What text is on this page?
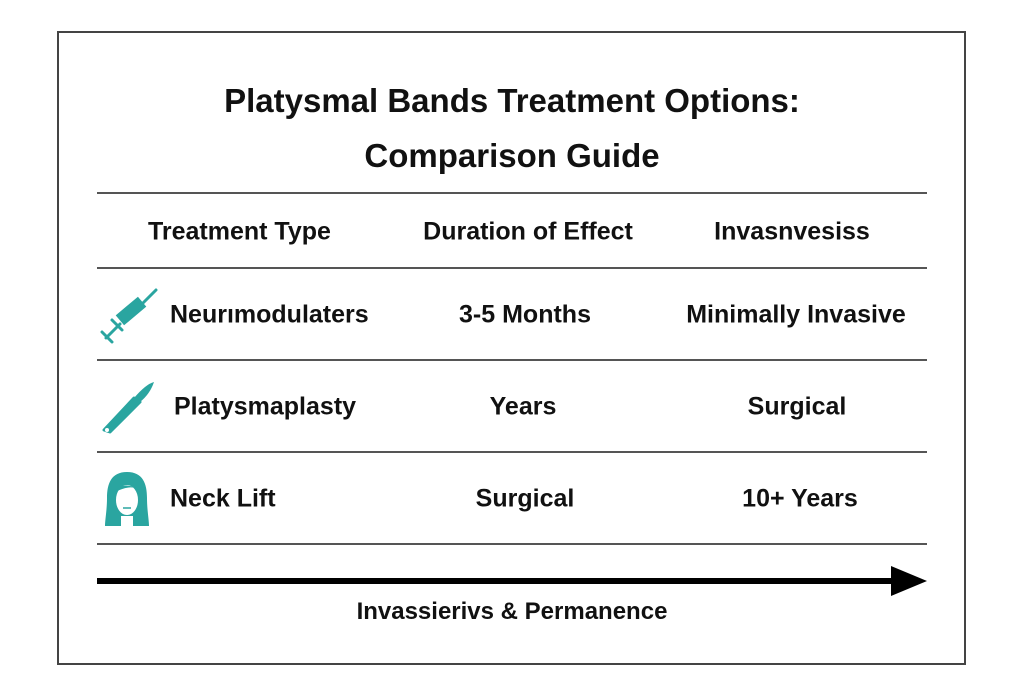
Platysmal Bands Treatment Options:
Comparison Guide
Treatment Type	Duration of Effect	Invasnvesiss
Neurımodulaters	3-5 Months	Minimally Invasive
Platysmaplasty	Years	Surgical
Neck Lift	Surgical	10+ Years
Invassierivs & Permanence
